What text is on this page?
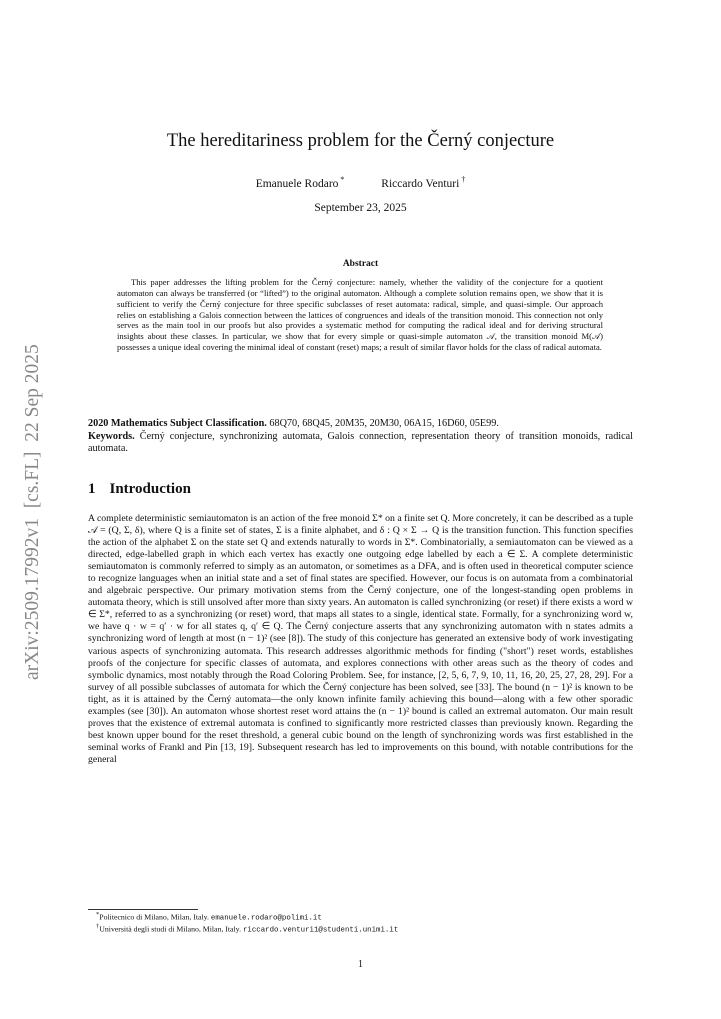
arXiv:2509.17992v1  [cs.FL]  22 Sep 2025
The hereditariness problem for the Černý conjecture
Emanuele Rodaro *	Riccardo Venturi †
September 23, 2025
Abstract
This paper addresses the lifting problem for the Černý conjecture: namely, whether the validity of the conjecture for a quotient automaton can always be transferred (or “lifted”) to the original automaton. Although a complete solution remains open, we show that it is sufficient to verify the Černý conjecture for three specific subclasses of reset automata: radical, simple, and quasi-simple. Our approach relies on establishing a Galois connection between the lattices of congruences and ideals of the transition monoid. This connection not only serves as the main tool in our proofs but also provides a systematic method for computing the radical ideal and for deriving structural insights about these classes. In particular, we show that for every simple or quasi-simple automaton 𝒜, the transition monoid M(𝒜) possesses a unique ideal covering the minimal ideal of constant (reset) maps; a result of similar flavor holds for the class of radical automata.
2020 Mathematics Subject Classification. 68Q70, 68Q45, 20M35, 20M30, 06A15, 16D60, 05E99.
Keywords. Černý conjecture, synchronizing automata, Galois connection, representation theory of transition monoids, radical automata.
1 Introduction
A complete deterministic semiautomaton is an action of the free monoid Σ* on a finite set Q. More concretely, it can be described as a tuple 𝒜 = (Q, Σ, δ), where Q is a finite set of states, Σ is a finite alphabet, and δ : Q × Σ → Q is the transition function. This function specifies the action of the alphabet Σ on the state set Q and extends naturally to words in Σ*. Combinatorially, a semiautomaton can be viewed as a directed, edge-labelled graph in which each vertex has exactly one outgoing edge labelled by each a ∈ Σ. A complete deterministic semiautomaton is commonly referred to simply as an automaton, or sometimes as a DFA, and is often used in theoretical computer science to recognize languages when an initial state and a set of final states are specified. However, our focus is on automata from a combinatorial and algebraic perspective. Our primary motivation stems from the Černý conjecture, one of the longest-standing open problems in automata theory, which is still unsolved after more than sixty years. An automaton is called synchronizing (or reset) if there exists a word w ∈ Σ*, referred to as a synchronizing (or reset) word, that maps all states to a single, identical state. Formally, for a synchronizing word w, we have q · w = q′ · w for all states q, q′ ∈ Q. The Černý conjecture asserts that any synchronizing automaton with n states admits a synchronizing word of length at most (n − 1)² (see [8]). The study of this conjecture has generated an extensive body of work investigating various aspects of synchronizing automata. This research addresses algorithmic methods for finding ("short") reset words, establishes proofs of the conjecture for specific classes of automata, and explores connections with other areas such as the theory of codes and symbolic dynamics, most notably through the Road Coloring Problem. See, for instance, [2, 5, 6, 7, 9, 10, 11, 16, 20, 25, 27, 28, 29]. For a survey of all possible subclasses of automata for which the Černý conjecture has been solved, see [33]. The bound (n − 1)² is known to be tight, as it is attained by the Černý automata—the only known infinite family achieving this bound—along with a few other sporadic examples (see [30]). An automaton whose shortest reset word attains the (n − 1)² bound is called an extremal automaton. Our main result proves that the existence of extremal automata is confined to significantly more restricted classes than previously known. Regarding the best known upper bound for the reset threshold, a general cubic bound on the length of synchronizing words was first established in the seminal works of Frankl and Pin [13, 19]. Subsequent research has led to improvements on this bound, with notable contributions for the general
*Politecnico di Milano, Milan, Italy. emanuele.rodaro@polimi.it
†Università degli studi di Milano, Milan, Italy. riccardo.venturi1@studenti.unimi.it
1
